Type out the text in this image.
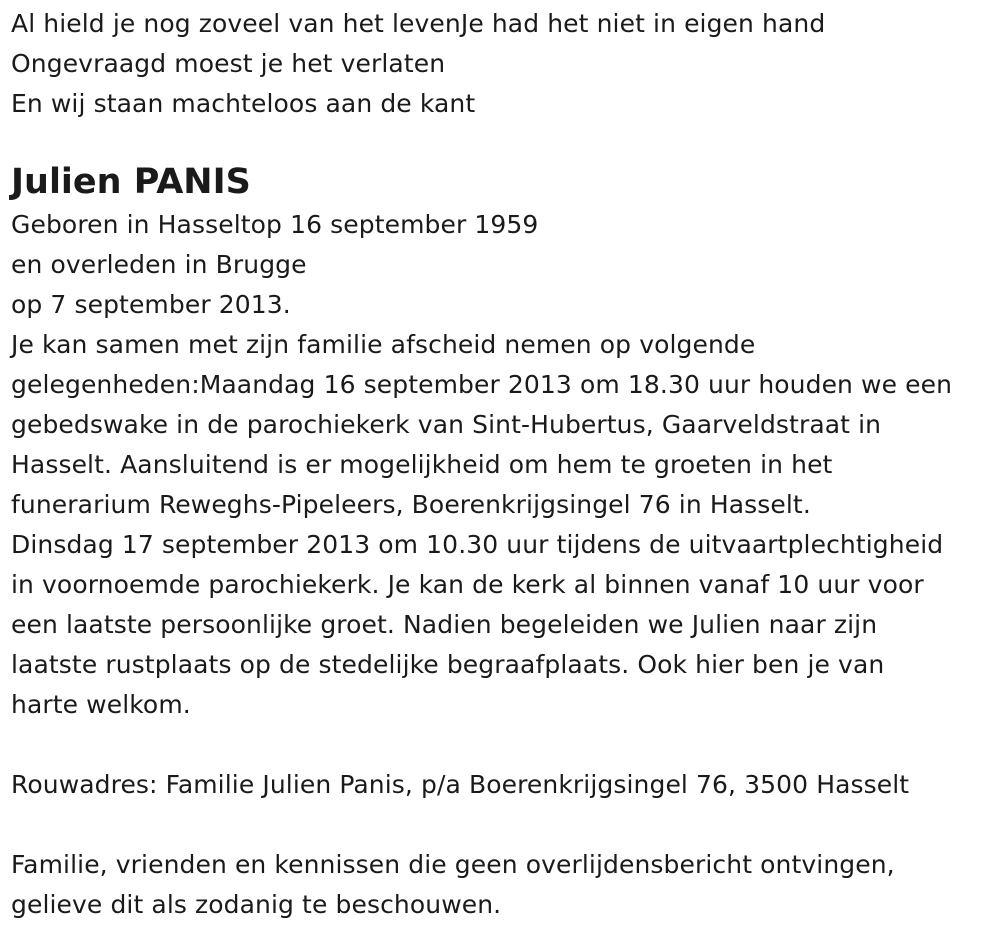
Al hield je nog zoveel van het levenJe had het niet in eigen hand
Ongevraagd moest je het verlaten
En wij staan machteloos aan de kant
Julien PANIS
Geboren in Hasseltop 16 september 1959
en overleden in Brugge
op 7 september 2013.
Je kan samen met zijn familie afscheid nemen op volgende
gelegenheden:Maandag 16 september 2013 om 18.30 uur houden we een
gebedswake in de parochiekerk van Sint-Hubertus, Gaarveldstraat in
Hasselt. Aansluitend is er mogelijkheid om hem te groeten in het
funerarium Reweghs-Pipeleers, Boerenkrijgsingel 76 in Hasselt.
Dinsdag 17 september 2013 om 10.30 uur tijdens de uitvaartplechtigheid
in voornoemde parochiekerk. Je kan de kerk al binnen vanaf 10 uur voor
een laatste persoonlijke groet. Nadien begeleiden we Julien naar zijn
laatste rustplaats op de stedelijke begraafplaats. Ook hier ben je van
harte welkom.
Rouwadres: Familie Julien Panis, p/a Boerenkrijgsingel 76, 3500 Hasselt
Familie, vrienden en kennissen die geen overlijdensbericht ontvingen,
gelieve dit als zodanig te beschouwen.
